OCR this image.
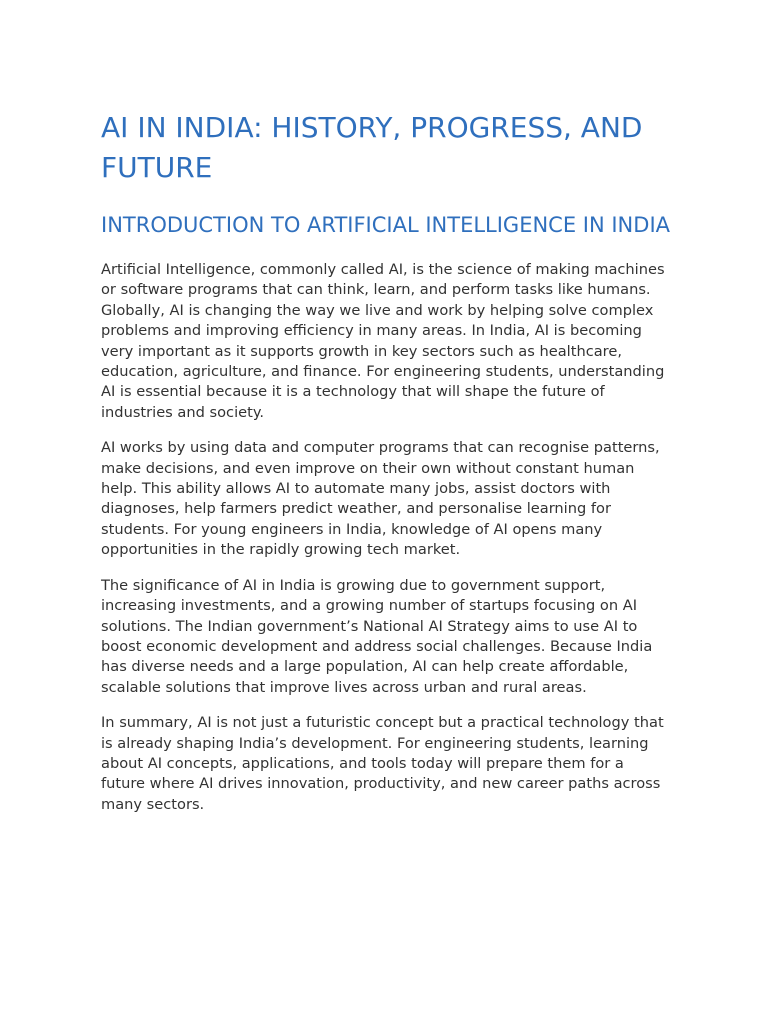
AI IN INDIA: HISTORY, PROGRESS, AND FUTURE
INTRODUCTION TO ARTIFICIAL INTELLIGENCE IN INDIA

Artificial Intelligence, commonly called AI, is the science of making machines or software programs that can think, learn, and perform tasks like humans. Globally, AI is changing the way we live and work by helping solve complex problems and improving efficiency in many areas. In India, AI is becoming very important as it supports growth in key sectors such as healthcare, education, agriculture, and finance. For engineering students, understanding AI is essential because it is a technology that will shape the future of industries and society.

AI works by using data and computer programs that can recognise patterns, make decisions, and even improve on their own without constant human help. This ability allows AI to automate many jobs, assist doctors with diagnoses, help farmers predict weather, and personalise learning for students. For young engineers in India, knowledge of AI opens many opportunities in the rapidly growing tech market.

The significance of AI in India is growing due to government support, increasing investments, and a growing number of startups focusing on AI solutions. The Indian government’s National AI Strategy aims to use AI to boost economic development and address social challenges. Because India has diverse needs and a large population, AI can help create affordable, scalable solutions that improve lives across urban and rural areas.

In summary, AI is not just a futuristic concept but a practical technology that is already shaping India’s development. For engineering students, learning about AI concepts, applications, and tools today will prepare them for a future where AI drives innovation, productivity, and new career paths across many sectors.
